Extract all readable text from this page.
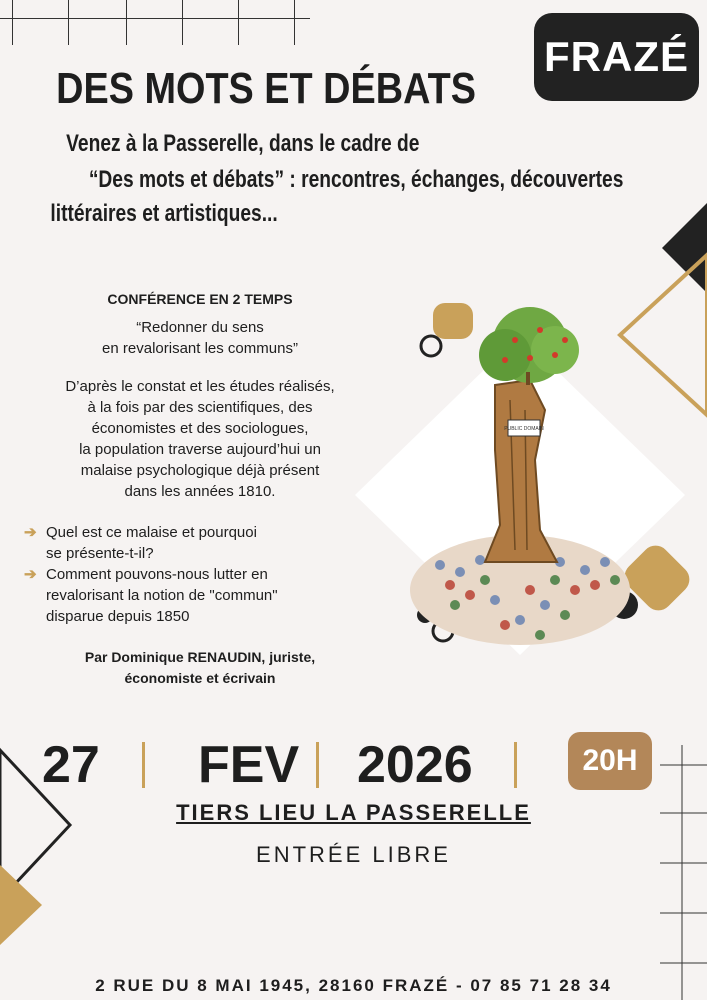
FRAZÉ
DES MOTS ET DÉBATS
Venez à la Passerelle, dans le cadre de
“Des mots et débats” : rencontres, échanges, découvertes
littéraires et artistiques...
CONFÉRENCE EN 2 TEMPS
“Redonner du sens
en revalorisant les communs”
D’après le constat et les études réalisés,
à la fois par des scientifiques, des
économistes et des sociologues,
la population traverse aujourd’hui un
malaise psychologique déjà présent
dans les années 1810.
➔ Quel est ce malaise et pourquoi
se présente-t-il?
➔ Comment pouvons-nous lutter en
revalorisant la notion de "commun"
disparue depuis 1850
Par Dominique RENAUDIN, juriste,
économiste et écrivain
PUBLIC DOMAIN
27 FEV 2026	20H
TIERS LIEU LA PASSERELLE
ENTRÉE LIBRE
2 RUE DU 8 MAI 1945, 28160 FRAZÉ - 07 85 71 28 34
